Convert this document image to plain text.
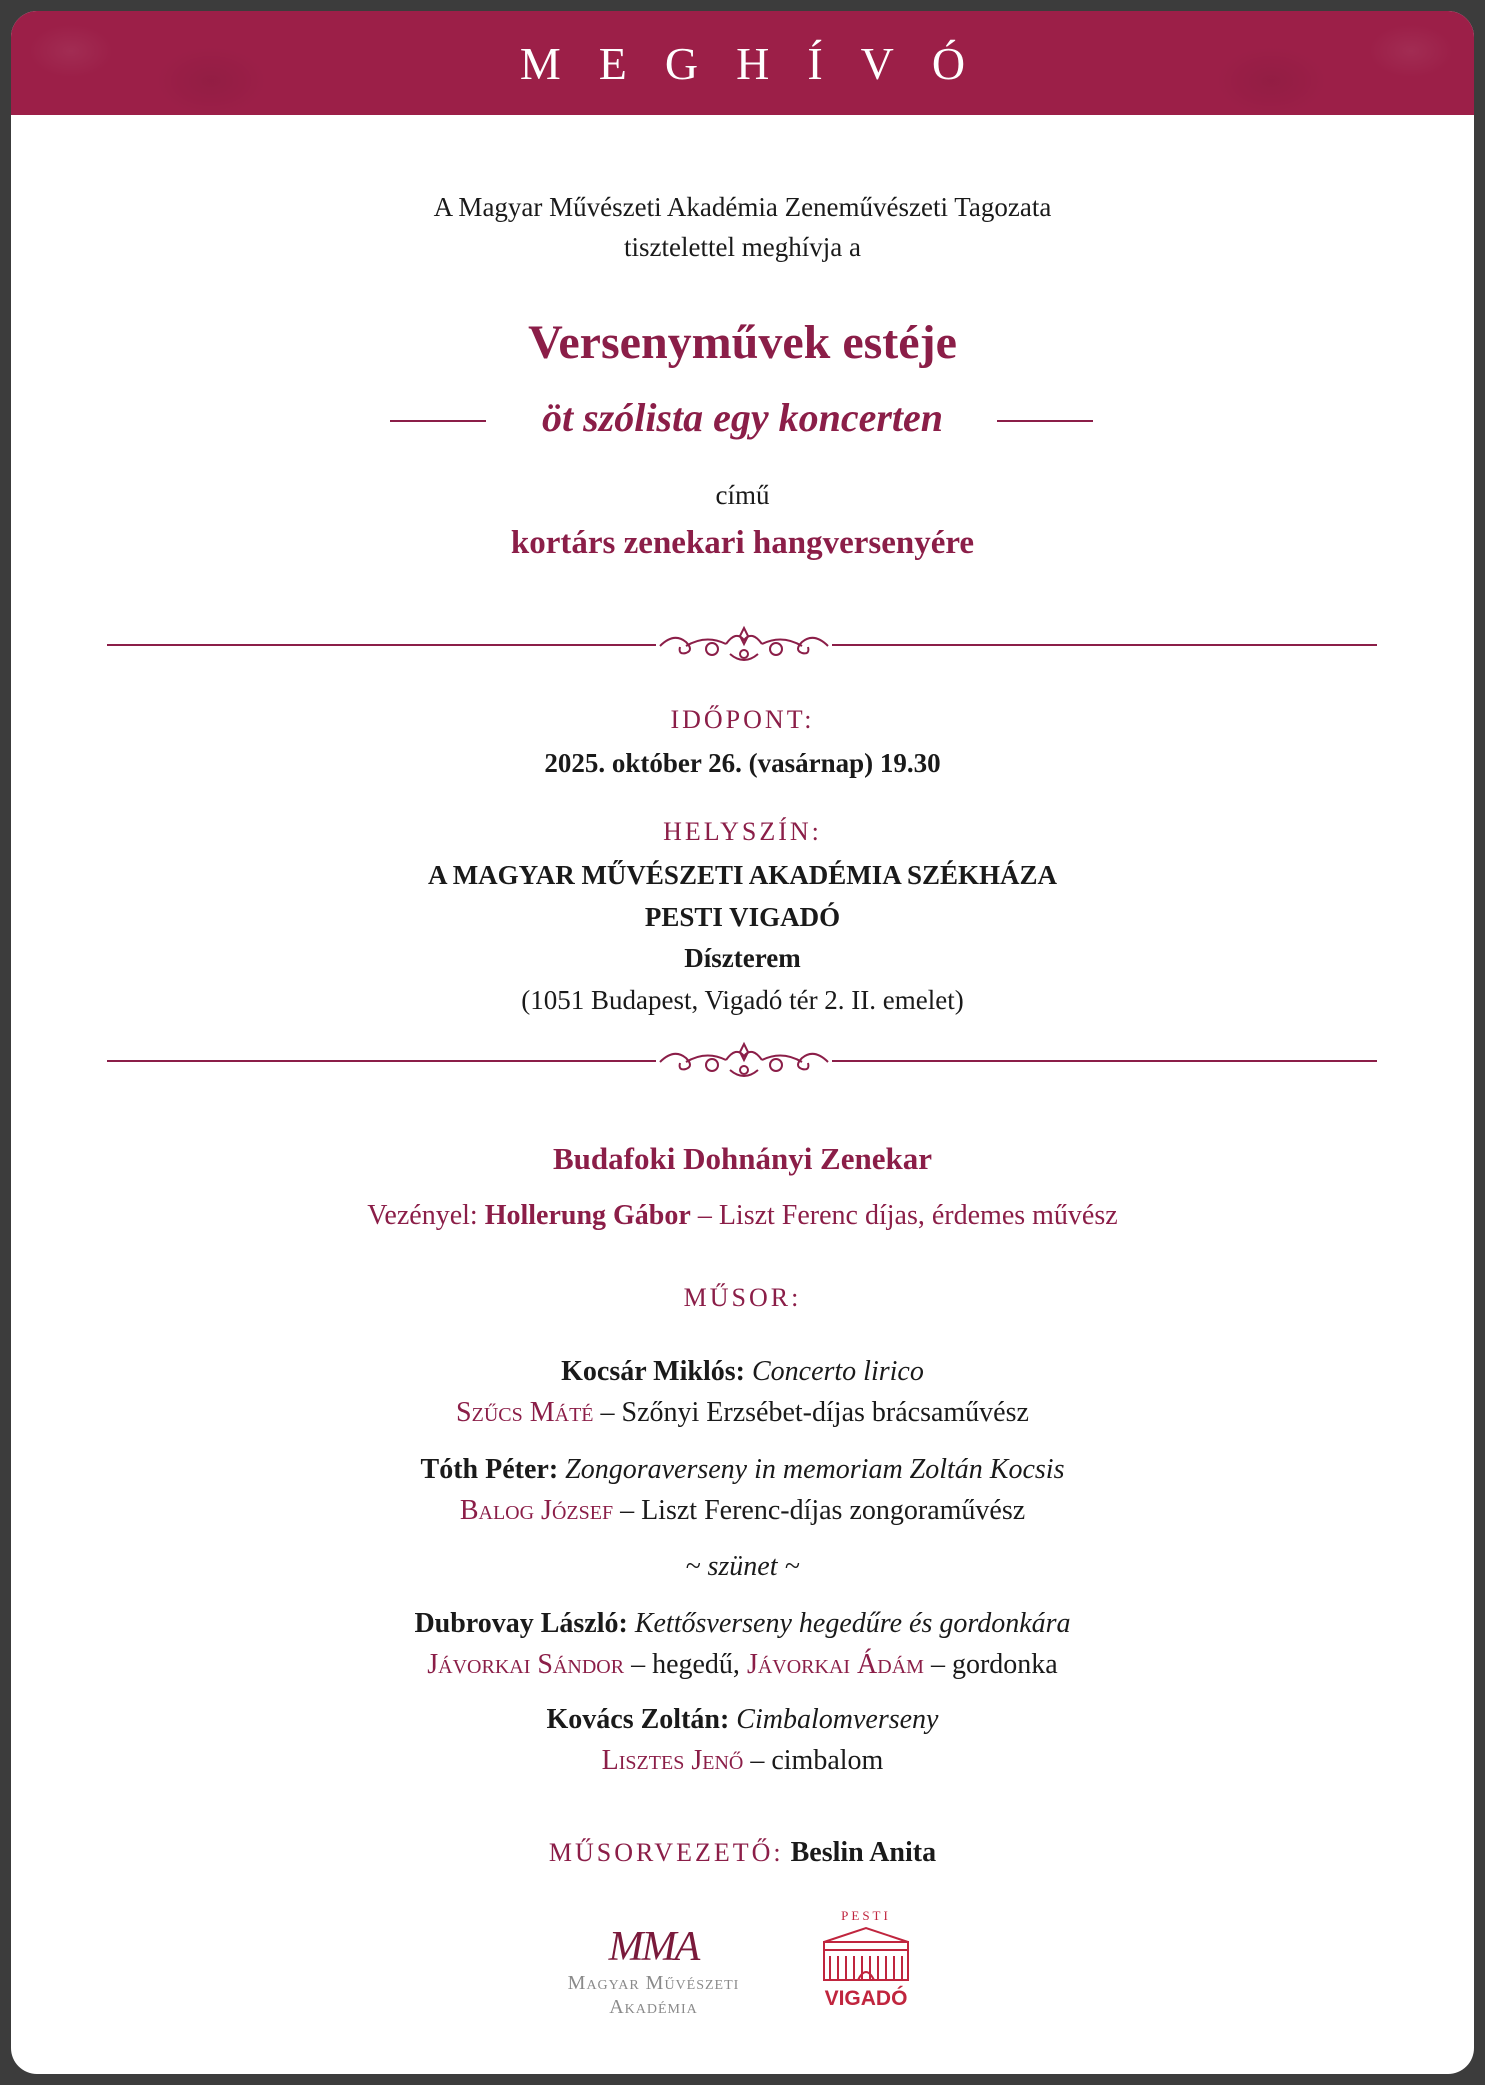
MEGHÍVÓ
A Magyar Művészeti Akadémia Zeneművészeti Tagozata
tisztelettel meghívja a
Versenyművek estéje
öt szólista egy koncerten
című
kortárs zenekari hangversenyére
IDŐPONT:
2025. október 26. (vasárnap) 19.30
HELYSZÍN:
A MAGYAR MŰVÉSZETI AKADÉMIA SZÉKHÁZA
PESTI VIGADÓ
Díszterem
(1051 Budapest, Vigadó tér 2. II. emelet)
Budafoki Dohnányi Zenekar
Vezényel: Hollerung Gábor – Liszt Ferenc díjas, érdemes művész
MŰSOR:
Kocsár Miklós: Concerto lirico
Szűcs Máté – Szőnyi Erzsébet-díjas brácsaművész
Tóth Péter: Zongoraverseny in memoriam Zoltán Kocsis
Balog József – Liszt Ferenc-díjas zongoraművész
~ szünet ~
Dubrovay László: Kettősverseny hegedűre és gordonkára
Jávorkai Sándor – hegedű, Jávorkai Ádám – gordonka
Kovács Zoltán: Cimbalomverseny
Lisztes Jenő – cimbalom
MŰSORVEZETŐ: Beslin Anita
MMA
Magyar Művészeti
Akadémia
PESTI
VIGADÓ
